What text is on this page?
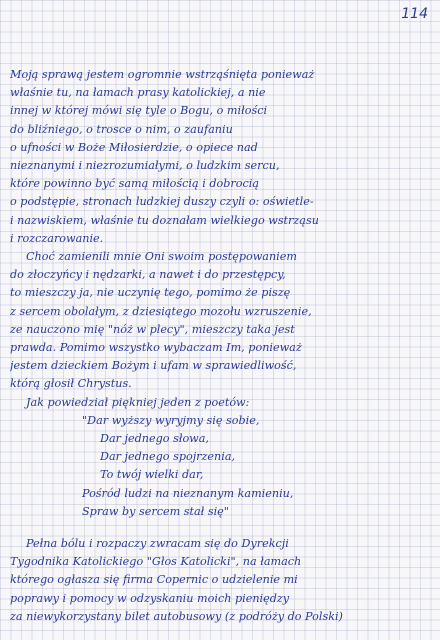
114
Moją sprawą jestem ogromnie wstrząśnięta ponieważ
właśnie tu, na łamach prasy katolickiej, a nie
innej w której mówi się tyle o Bogu, o miłości
do bliźniego, o trosce o nim, o zaufaniu
o ufności w Boże Miłosierdzie, o opiece nad
nieznanymi i niezrozumiałymi, o ludzkim sercu,
które powinno być samą miłością i dobrocią
o podstępie, stronach ludzkiej duszy czyli o: oświetle-
i nazwiskiem, właśnie tu doznałam wielkiego wstrząsu
i rozczarowanie.
Choć zamienili mnie Oni swoim postępowaniem
do złoczyńcy i nędzarki, a nawet i do przestępcy,
to mieszczy ja, nie uczynię tego, pomimo że piszę
z sercem obolałym, z dziesiątego mozołu wzruszenie,
ze nauczono mię "nóż w plecy", mieszczy taka jest
prawda. Pomimo wszystko wybaczam Im, ponieważ
jestem dzieckiem Bożym i ufam w sprawiedliwość,
którą głosił Chrystus.
Jak powiedział piękniej jeden z poetów:
"Dar wyższy wyryjmy się sobie,
Dar jednego słowa,
Dar jednego spojrzenia,
To twój wielki dar,
Pośród ludzi na nieznanym kamieniu,
Spraw by sercem stał się"
Pełna bólu i rozpaczy zwracam się do Dyrekcji
Tygodnika Katolickiego "Głos Katolicki", na łamach
którego ogłasza się firma Copernic o udzielenie mi
poprawy i pomocy w odzyskaniu moich pieniędzy
za niewykorzystany bilet autobusowy (z podróży do Polski)
